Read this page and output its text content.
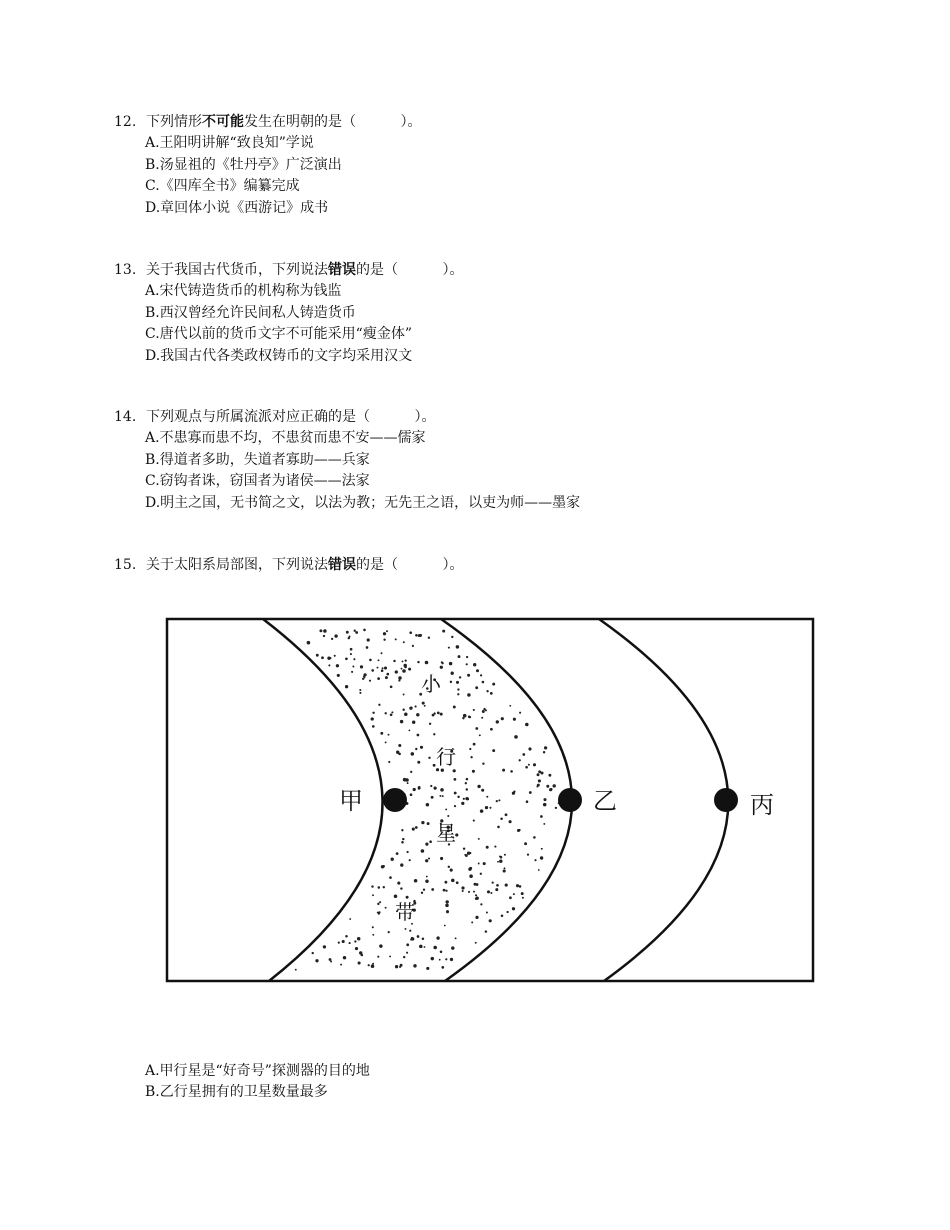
12. 下列情形不可能发生在明朝的是（          ）。
A.王阳明讲解“致良知”学说
B.汤显祖的《牡丹亭》广泛演出
C.《四库全书》编纂完成
D.章回体小说《西游记》成书
13. 关于我国古代货币，下列说法错误的是（          ）。
A.宋代铸造货币的机构称为钱监
B.西汉曾经允许民间私人铸造货币
C.唐代以前的货币文字不可能采用“瘦金体”
D.我国古代各类政权铸币的文字均采用汉文
14. 下列观点与所属流派对应正确的是（          ）。
A.不患寡而患不均，不患贫而患不安——儒家
B.得道者多助，失道者寡助——兵家
C.窃钩者诛，窃国者为诸侯——法家
D.明主之国，无书简之文，以法为教；无先王之语，以吏为师——墨家
15. 关于太阳系局部图，下列说法错误的是（          ）。
甲	乙	丙
小
行
星
带
A.甲行星是“好奇号”探测器的目的地
B.乙行星拥有的卫星数量最多
